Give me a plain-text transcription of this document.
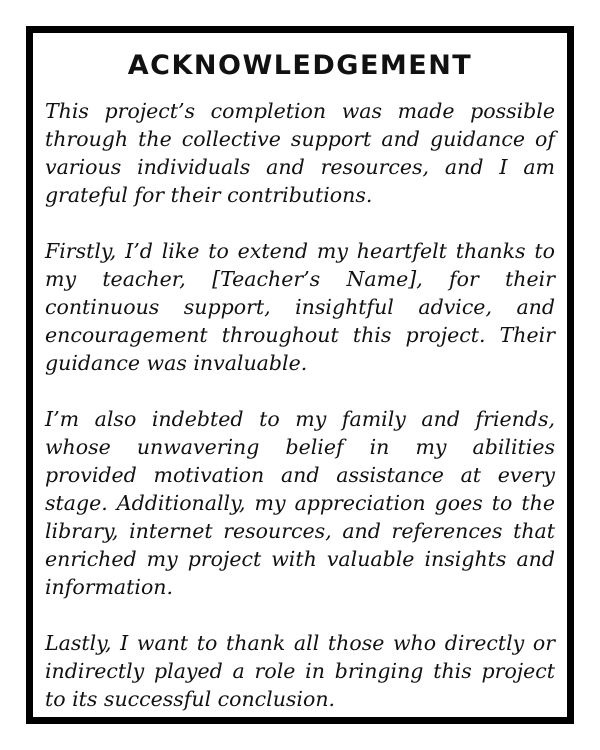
ACKNOWLEDGEMENT

This project’s completion was made possible through the collective support and guidance of various individuals and resources, and I am grateful for their contributions.

Firstly, I’d like to extend my heartfelt thanks to my teacher, [Teacher’s Name], for their continuous support, insightful advice, and encouragement throughout this project. Their guidance was invaluable.

I’m also indebted to my family and friends, whose unwavering belief in my abilities provided motivation and assistance at every stage. Additionally, my appreciation goes to the library, internet resources, and references that enriched my project with valuable insights and information.

Lastly, I want to thank all those who directly or indirectly played a role in bringing this project to its successful conclusion.
